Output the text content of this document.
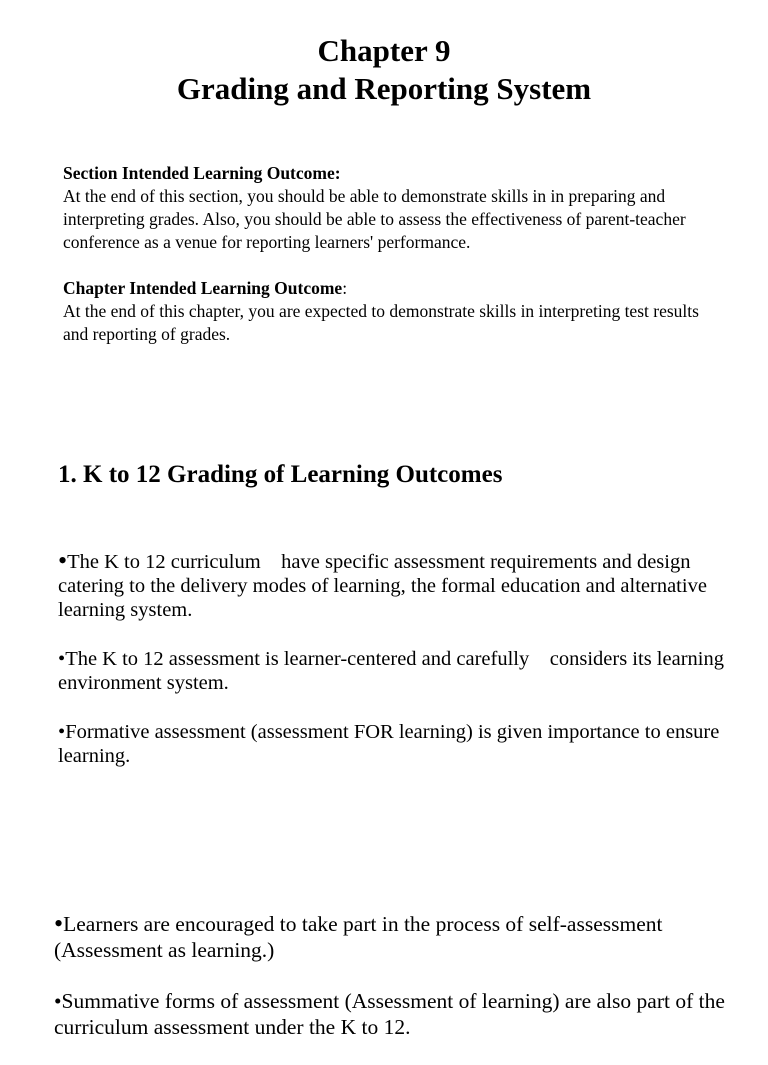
Chapter 9
Grading and Reporting System
Section Intended Learning Outcome:
At the end of this section, you should be able to demonstrate skills in in preparing and interpreting grades. Also, you should be able to assess the effectiveness of parent-teacher conference as a venue for reporting learners' performance.
Chapter Intended Learning Outcome:
At the end of this chapter, you are expected to demonstrate skills in interpreting test results and reporting of grades.
1. K to 12 Grading of Learning Outcomes

•The K to 12 curriculum    have specific assessment requirements and design catering to the delivery modes of learning, the formal education and alternative learning system.

•The K to 12 assessment is learner-centered and carefully    considers its learning environment system.

•Formative assessment (assessment FOR learning) is given importance to ensure learning.

•Learners are encouraged to take part in the process of self-assessment (Assessment as learning.)

•Summative forms of assessment (Assessment of learning) are also part of the curriculum assessment under the K to 12.
